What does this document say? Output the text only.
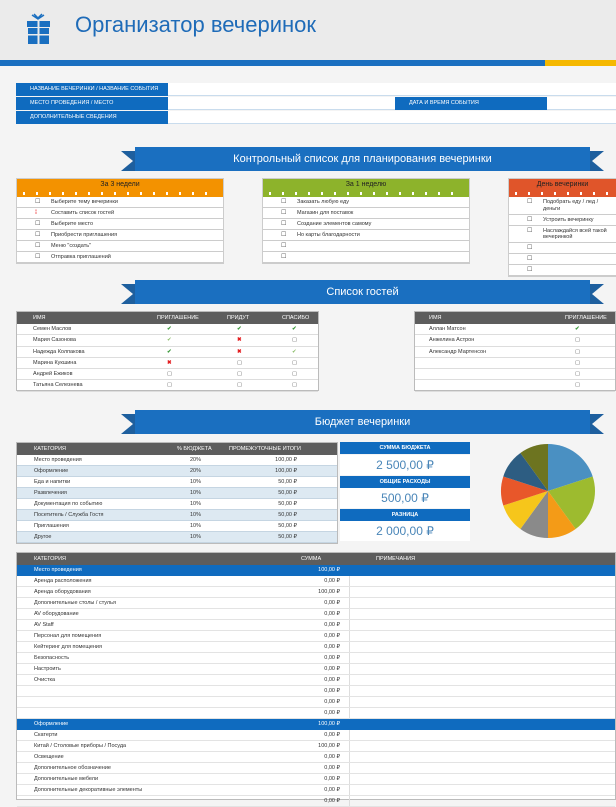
Организатор вечеринок
НАЗВАНИЕ ВЕЧЕРИНКИ / НАЗВАНИЕ СОБЫТИЯ
МЕСТО ПРОВЕДЕНИЯ / МЕСТО	ДАТА И ВРЕМЯ СОБЫТИЯ
ДОПОЛНИТЕЛЬНЫЕ СВЕДЕНИЯ
Контрольный список для планирования вечеринки
За 3 недели
☐ Выберите тему вечеринки
⁞	Составить список гостей
☐ Выберите место
☐ Приобрести приглашения
☐ Меню "создать"
☐ Отправка приглашений
За 1 неделю
☐ Заказать любую еду
☐ Магазин для поставок
☐ Создание элементов самому
☐ Но карты благодарности
☐
☐
День вечеринки
☐ Подобрать еду / лед / деньги
☐ Устроить вечеринку
☐ Наслаждайся всей такой вечеринкой
☐
☐
☐
Список гостей
ИМЯ	ПРИГЛАШЕНИЕ	ПРИДУТ	СПАСИБО
Семен Маслов	✔	✔	✔
Мария Сазонова	✔	✖	▢
Надежда Колпакова	✔	✖	✔
Марина Кукшина	✖	▢	▢
Андрей Ежиков	▢	▢	▢
Татьяна Селезнева	▢	▢	▢
ИМЯ	ПРИГЛАШЕНИЕ
Аллан Матсон	✔
Анжелина Астрон	▢
Александр Мартенсон	▢
▢
▢
▢
Бюджет вечеринки
КАТЕГОРИЯ	% БЮДЖЕТА	ПРОМЕЖУТОЧНЫЕ ИТОГИ
Место проведения	20%	100,00 ₽
Оформление	20%	100,00 ₽
Еда и напитки	10%	50,00 ₽
Развлечения	10%	50,00 ₽
Документация по событию	10%	50,00 ₽
Посетитель / Служба Гостя	10%	50,00 ₽
Приглашения	10%	50,00 ₽
Другое	10%	50,00 ₽
СУММА БЮДЖЕТА
2 500,00 ₽
ОБЩИЕ РАСХОДЫ
500,00 ₽
РАЗНИЦА
2 000,00 ₽
КАТЕГОРИЯ	СУММА	ПРИМЕЧАНИЯ
Место проведения	100,00 ₽
Аренда расположения	0,00 ₽
Аренда оборудования	100,00 ₽
Дополнительные столы / стулья	0,00 ₽
AV оборудование	0,00 ₽
AV Staff	0,00 ₽
Персонал для помещения	0,00 ₽
Кейтеринг для помещения	0,00 ₽
Безопасность	0,00 ₽
Настроить	0,00 ₽
Очистка	0,00 ₽
0,00 ₽
0,00 ₽
0,00 ₽
Оформление	100,00 ₽
Скатерти	0,00 ₽
Китай / Столовые приборы / Посуда	100,00 ₽
Освещение	0,00 ₽
Дополнительное обозначение	0,00 ₽
Дополнительные мебели	0,00 ₽
Дополнительные декоративные элементы	0,00 ₽
0,00 ₽
